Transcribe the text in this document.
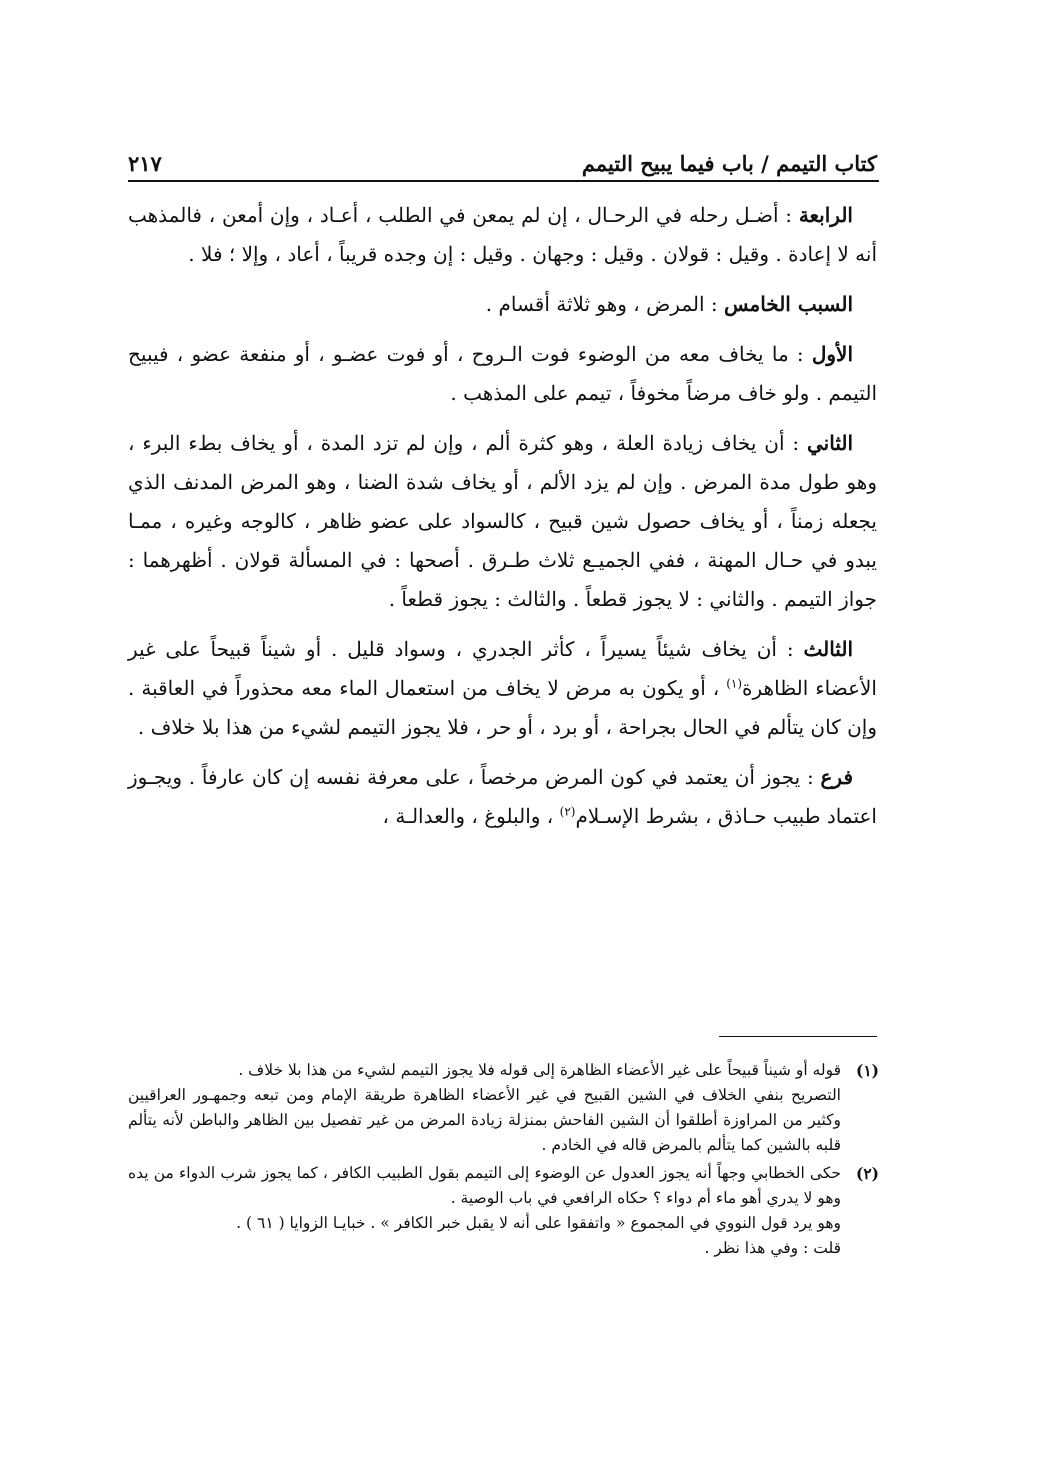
كتاب التيمم / باب فيما يبيح التيمم
٢١٧

الرابعة : أضـل رحله في الرحـال ، إن لم يمعن في الطلب ، أعـاد ، وإن أمعن ، فالمذهب أنه لا إعادة . وقيل : قولان . وقيل : وجهان . وقيل : إن وجده قريباً ، أعاد ، وإلا ؛ فلا .

السبب الخامس : المرض ، وهو ثلاثة أقسام .

الأول : ما يخاف معه من الوضوء فوت الـروح ، أو فوت عضـو ، أو منفعة عضو ، فيبيح التيمم . ولو خاف مرضاً مخوفاً ، تيمم على المذهب .

الثاني : أن يخاف زيادة العلة ، وهو كثرة ألم ، وإن لم تزد المدة ، أو يخاف بطء البرء ، وهو طول مدة المرض . وإن لم يزد الألم ، أو يخاف شدة الضنا ، وهو المرض المدنف الذي يجعله زمناً ، أو يخاف حصول شين قبيح ، كالسواد على عضو ظاهر ، كالوجه وغيره ، ممـا يبدو في حـال المهنة ، ففي الجميـع ثلاث طـرق . أصحها : في المسألة قولان . أظهرهما : جواز التيمم . والثاني : لا يجوز قطعاً . والثالث : يجوز قطعاً .

الثالث : أن يخاف شيئاً يسيراً ، كأثر الجدري ، وسواد قليل . أو شيناً قبيحاً على غير الأعضاء الظاهرة$^{(١)}$ ، أو يكون به مرض لا يخاف من استعمال الماء معه محذوراً في العاقبة . وإن كان يتألم في الحال بجراحة ، أو برد ، أو حر ، فلا يجوز التيمم لشيء من هذا بلا خلاف .

فرع : يجوز أن يعتمد في كون المرض مرخصاً ، على معرفة نفسه إن كان عارفاً . ويجـوز اعتماد طبيب حـاذق ، بشرط الإسـلام$^{(٢)}$ ، والبلوغ ، والعدالـة ،

(١)
قوله أو شيناً قبيحاً على غير الأعضاء الظاهرة إلى قوله فلا يجوز التيمم لشيء من هذا بلا خلاف .
التصريح بنفي الخلاف في الشين القبيح في غير الأعضاء الظاهرة طريقة الإمام ومن تبعه وجمهـور العراقيين وكثير من المراوزة أطلقوا أن الشين الفاحش بمنزلة زيادة المرض من غير تفصيل بين الظاهر والباطن لأنه يتألم قلبه بالشين كما يتألم بالمرض قاله في الخادم .
(٢)
حكى الخطابي وجهاً أنه يجوز العدول عن الوضوء إلى التيمم بقول الطبيب الكافر ، كما يجوز شرب الدواء من يده وهو لا يدري أهو ماء أم دواء ؟ حكاه الرافعي في باب الوصية .
وهو يرد قول النووي في المجموع « واتفقوا على أنه لا يقبل خبر الكافر » . خبايـا الزوايا ( ٦١ ) .
قلت : وفي هذا نظر .
